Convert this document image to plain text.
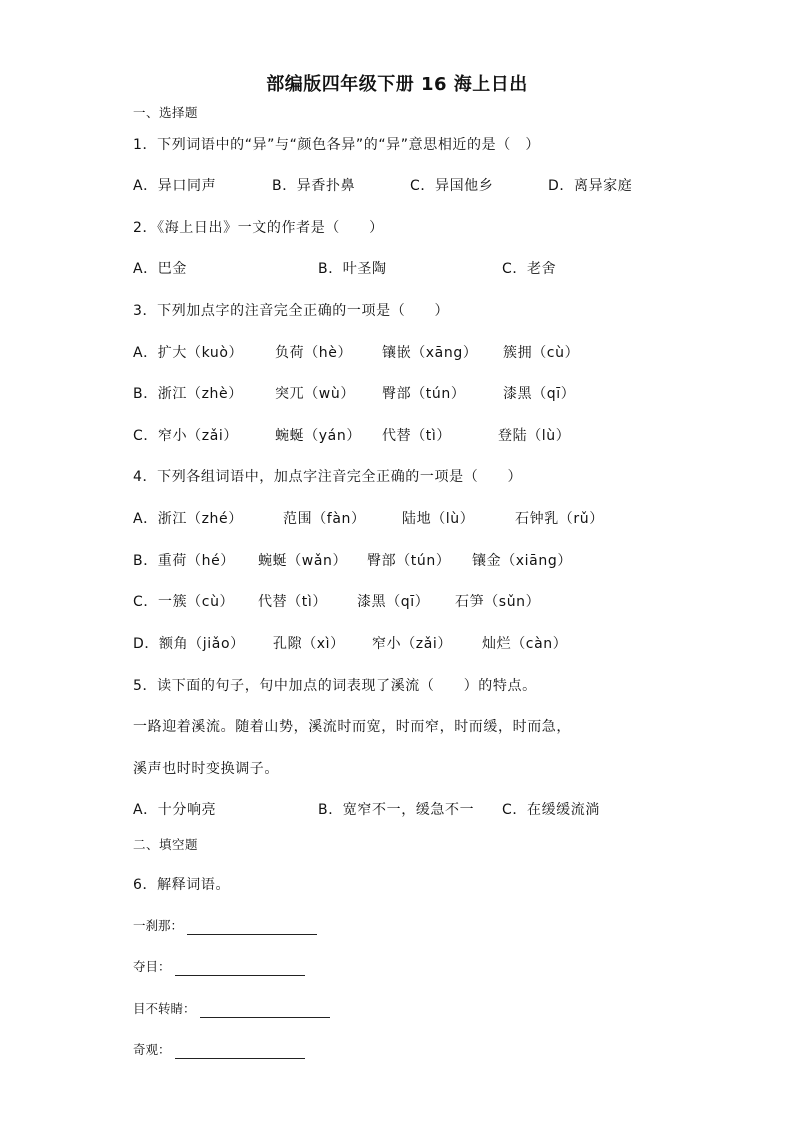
部编版四年级下册 16 海上日出
一、选择题
1．下列词语中的“异”与“颜色各异”的“异”意思相近的是（　）
A．异口同声	B．异香扑鼻	C．异国他乡	D．离异家庭
2．《海上日出》一文的作者是（　　）
A．巴金	B．叶圣陶	C．老舍
3．下列加点字的注音完全正确的一项是（　　）
A．扩大（kuò） 负荷（hè） 镶嵌（xāng） 簇拥（cù）
B．浙江（zhè） 突兀（wù） 臀部（tún）	漆黑（qī）
C．窄小（zǎi）	蜿蜒（yán） 代替（tì）	登陆（lù）
4．下列各组词语中，加点字注音完全正确的一项是（　　）
A．浙江（zhé）	范围（fàn）	陆地（lù）	石钟乳（rǔ）
B．重荷（hé） 蜿蜒（wǎn） 臀部（tún） 镶金（xiāng）
C．一簇（cù） 代替（tì） 漆黑（qī） 石笋（sǔn）
D．额角（jiǎo） 孔隙（xì） 窄小（zǎi） 灿烂（càn）
5．读下面的句子，句中加点的词表现了溪流（　　）的特点。
一路迎着溪流。随着山势，溪流时而宽，时而窄，时而缓，时而急，
溪声也时时变换调子。
A．十分响亮	B．宽窄不一，缓急不一 C．在缓缓流淌
二、填空题
6．解释词语。
一刹那：
夺目：
目不转睛：
奇观：
